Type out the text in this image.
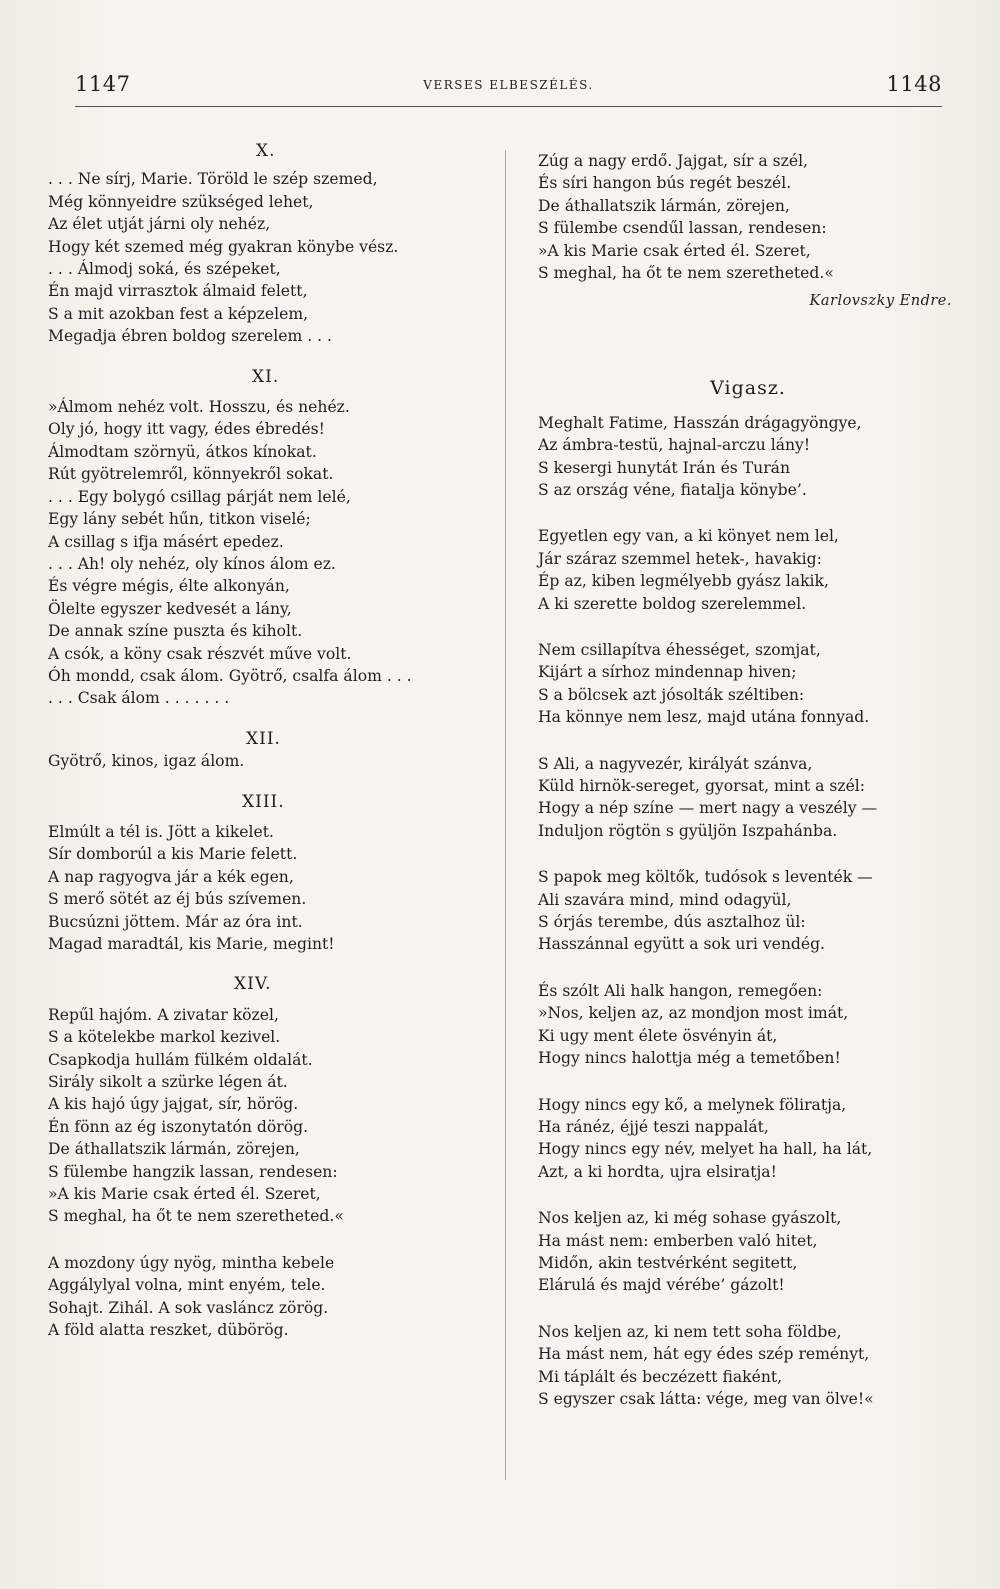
1147	VERSES ELBESZÉLÉS.	1148

X.

. . . Ne sírj, Marie. Töröld le szép szemed,

Még könnyeidre szükséged lehet,

Az élet utját járni oly nehéz,

Hogy két szemed még gyakran könybe vész.

. . . Álmodj soká, és szépeket,

Én majd virrasztok álmaid felett,

S a mit azokban fest a képzelem,

Megadja ébren boldog szerelem . . .

XI.

»Álmom nehéz volt. Hosszu, és nehéz.

Oly jó, hogy itt vagy, édes ébredés!

Álmodtam szörnyü, átkos kínokat.

Rút gyötrelemről, könnyekről sokat.

. . . Egy bolygó csillag párját nem lelé,

Egy lány sebét hűn, titkon viselé;

A csillag s ifja másért epedez.

. . . Ah! oly nehéz, oly kínos álom ez.

És végre mégis, élte alkonyán,

Ölelte egyszer kedvesét a lány,

De annak színe puszta és kiholt.

A csók, a köny csak részvét műve volt.

Óh mondd, csak álom. Gyötrő, csalfa álom . . .

. . . Csak álom . . . . . . .

XII.

Gyötrő, kinos, igaz álom.

XIII.

Elmúlt a tél is. Jött a kikelet.

Sír domborúl a kis Marie felett.

A nap ragyogva jár a kék egen,

S merő sötét az éj bús szívemen.

Bucsúzni jöttem. Már az óra int.

Magad maradtál, kis Marie, megint!

XIV.

Repűl hajóm. A zivatar közel,

S a kötelekbe markol kezivel.

Csapkodja hullám fülkém oldalát.

Sirály sikolt a szürke légen át.

A kis hajó úgy jajgat, sír, hörög.

Én fönn az ég iszonytatón dörög.

De áthallatszik lármán, zörejen,

S fülembe hangzik lassan, rendesen:

»A kis Marie csak érted él. Szeret,

S meghal, ha őt te nem szeretheted.«

A mozdony úgy nyög, mintha kebele

Aggálylyal volna, mint enyém, tele.

Sohajt. Zihál. A sok vasláncz zörög.

A föld alatta reszket, dübörög.

Zúg a nagy erdő. Jajgat, sír a szél,

És síri hangon bús regét beszél.

De áthallatszik lármán, zörejen,

S fülembe csendűl lassan, rendesen:

»A kis Marie csak érted él. Szeret,

S meghal, ha őt te nem szeretheted.«

Karlovszky Endre.

Vigasz.

Meghalt Fatime, Hasszán drágagyöngye,

Az ámbra-testü, hajnal-arczu lány!

S kesergi hunytát Irán és Turán

S az ország véne, fiatalja könybe’.

Egyetlen egy van, a ki könyet nem lel,

Jár száraz szemmel hetek-, havakig:

Ép az, kiben legmélyebb gyász lakik,

A ki szerette boldog szerelemmel.

Nem csillapítva éhességet, szomjat,

Kijárt a sírhoz mindennap hiven;

S a bölcsek azt jósolták széltiben:

Ha könnye nem lesz, majd utána fonnyad.

S Ali, a nagyvezér, királyát szánva,

Küld hirnök-sereget, gyorsat, mint a szél:

Hogy a nép színe — mert nagy a veszély —

Induljon rögtön s gyüljön Iszpahánba.

S papok meg költők, tudósok s leventék —

Ali szavára mind, mind odagyül,

S órjás terembe, dús asztalhoz ül:

Hasszánnal együtt a sok uri vendég.

És szólt Ali halk hangon, remegően:

»Nos, keljen az, az mondjon most imát,

Ki ugy ment élete ösvényin át,

Hogy nincs halottja még a temetőben!

Hogy nincs egy kő, a melynek föliratja,

Ha ránéz, éjjé teszi nappalát,

Hogy nincs egy név, melyet ha hall, ha lát,

Azt, a ki hordta, ujra elsiratja!

Nos keljen az, ki még sohase gyászolt,

Ha mást nem: emberben való hitet,

Midőn, akin testvérként segitett,

Elárulá és majd vérébe’ gázolt!

Nos keljen az, ki nem tett soha földbe,

Ha mást nem, hát egy édes szép reményt,

Mi táplált és beczézett fiaként,

S egyszer csak látta: vége, meg van ölve!«
